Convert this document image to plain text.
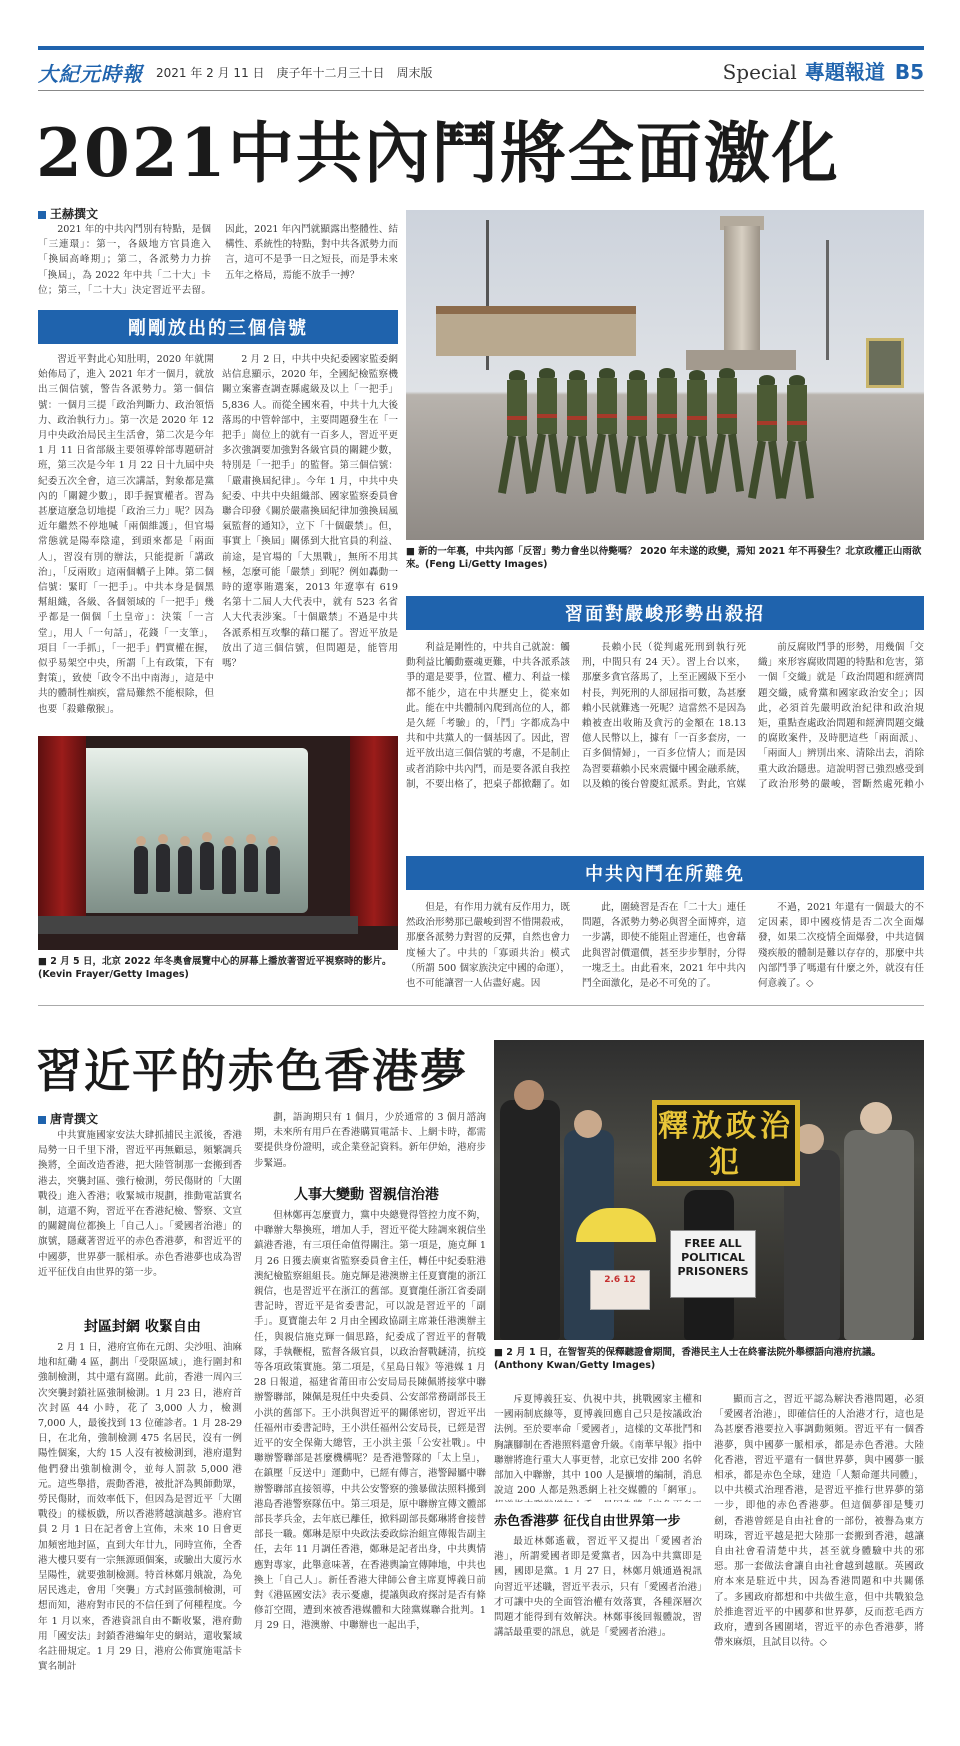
大紀元時報 2021 年 2 月 11 日　庚子年十二月三十日　周末版	Special 專題報道 B5
2021中共內鬥將全面激化
王赫撰文

2021 年的中共內鬥別有特點，是個「三連環」：第一，各級地方官員進入「換屆高峰期」；第二，各派勢力力拚「換屆」，為 2022 年中共「二十大」卡位；第三，「二十大」決定習近平去留。因此，2021 年內鬥就顯露出整體性、結構性、系統性的特點，對中共各派勢力而言，這可不是爭一日之短長，而是爭未來五年之格局，焉能不放手一搏？

剛剛放出的三個信號

習近平對此心知肚明，2020 年就開始佈局了，進入 2021 年才一個月，就放出三個信號，警告各派勢力。第一個信號：一個月三提「政治判斷力、政治領悟力、政治執行力」。第一次是 2020 年 12 月中央政治局民主生活會，第二次是今年 1 月 11 日省部級主要領導幹部專題研討班，第三次是今年 1 月 22 日十九屆中央紀委五次全會，這三次講話，對象都是黨內的「關鍵少數」，即手握實權者。習為甚麼這麼急切地提「政治三力」呢？因為近年繼然不停地喊「兩個維護」，但官場常態就是陽奉陰違，到頭來都是「兩面人」，習沒有別的辦法，只能提新「講政治」，「反兩敗」這兩個轎子上陣。第二個信號：緊盯「一把手」。中共本身是個黑幫組織，各級、各個領域的「一把手」幾乎都是一個個「土皇帝」：決策「一言堂」，用人「一句話」，花錢「一支筆」，項目「一手抓」，「一把手」們實權在握，似乎易架空中央，所謂「上有政策，下有對策」，致使「政令不出中南海」，這是中共的體制性痼疾，當局難然不能根除，但也要「殺雞儆猴」。

2 月 2 日，中共中央紀委國家監委網站信息顯示，2020 年，全國紀檢監察機關立案審查調查縣處級及以上「一把手」5,836 人。而從全國來看，中共十九大後落馬的中管幹部中，主要問題發生在「一把手」崗位上的就有一百多人，習近平更多次強調要加強對各級官員的關鍵少數，特別是「一把手」的監督。第三個信號：「嚴肅換屆紀律」。今年 1 月，中共中央紀委、中共中央組織部、國家監察委員會聯合印發《關於嚴肅換屆紀律加強換屆風氣監督的通知》，立下「十個嚴禁」。但，事實上「換屆」關係到大批官員的利益、前途，是官場的「大黑戰」，無所不用其極，怎麼可能「嚴禁」到呢？例如轟動一時的遼寧賄選案，2013 年遼寧有 619 名第十二屆人大代表中，就有 523 名省人大代表涉案。「十個嚴禁」不過是中共各派系相互攻擊的藉口罷了。習近平放是放出了這三個信號，但問題是，能管用嗎？

■ 新的一年裏，中共內部「反習」勢力會坐以待斃嗎？ 2020 年未遂的政變，焉知 2021 年不再發生？北京政權正山雨欲來。(Feng Li/Getty Images)
習面對嚴峻形勢出殺招

利益是剛性的，中共自己就說：觸動利益比觸動靈魂更難，中共各派系該爭的還是要爭，位置、權力、利益一樣都不能少，這在中共歷史上，從來如此。能在中共體制內爬到高位的人，都是久經「考驗」的，「鬥」字都成為中共和中共黨人的一個基因了。因此，習近平放出這三個信號的考慮，不是制止或者消除中共內鬥，而是要各派自我控制，不要出格了，把桌子都掀翻了。如

長賴小民（從判處死刑到執行死刑，中間只有 24 天）。習上台以來，那麼多貪官落馬了，上至正國級下至小村長，判死刑的人卻屈指可數，為甚麼賴小民就難逃一死呢？這當然不是因為賴被查出收賄及貪污的金額在 18.13 億人民幣以上，據有「一百多套房，一百多個情婦」，一百多位情人；而是因為習要藉賴小民來震懾中國金融系統，以及賴的後台曾慶紅派系。對此，官媒

前反腐敗鬥爭的形勢，用幾個「交織」來形容腐敗問題的特點和危害，第一個「交織」就是「政治問題和經濟問題交織，威脅黨和國家政治安全」；因此，必須首先嚴明政治紀律和政治規矩，重點查處政治問題和經濟問題交織的腐敗案件，及時肥這些「兩面派」、「兩面人」辨別出來、清除出去，消除重大政治隱患。這說明習已強烈感受到了政治形勢的嚴峻，習斷然處死賴小

■ 2 月 5 日，北京 2022 年冬奧會展覽中心的屏幕上播放著習近平視察時的影片。(Kevin Frayer/Getty Images)
中共內鬥在所難免

但是，有作用力就有反作用力，既然政治形勢那已嚴峻到習不惜開殺戒，那麼各派勢力對習的反彈，自然也會力度極大了。中共的「寡頭共治」模式（所謂 500 個家族決定中國的命運），也不可能讓習一人佔盡好處。因

此，圍繞習是否在「二十大」連任問題，各派勢力勢必與習全面博弈，這一步講，即使不能阻止習連任，也會藉此與習討價還價，甚至步步掣肘，分得一塊乏土。由此看來，2021 年中共內鬥全面激化，是必不可免的了。

不過，2021 年還有一個最大的不定因素，即中國疫情是否二次全面爆發，如果二次疫情全面爆發，中共這個殘疾般的體制是難以存存的，那麼中共內部鬥爭了嗎還有什麼之外，就沒有任何意義了。◇

習近平的赤色香港夢
唐青撰文

中共實施國家安法大肆抓捕民主派後，香港局勢一日千里下滑，習近平再無顧忌，頻繁調兵換將，全面改造香港，把大陸管制那一套搬到香港去，突襲封區、強行檢測，勞民傷財的「大圍戰役」進入香港；收緊城市規劃，推動電話實名制，這還不夠，習近平在香港紀檢、警察、文宣的關鍵崗位都換上「自己人」。「愛國者治港」的旗號，隱藏著習近平的赤色香港夢，和習近平的中國夢，世界夢一脈相承。赤色香港夢也成為習近平征伐自由世界的第一步。

封區封網 收緊自由

2 月 1 日，港府宣佈在元朗、尖沙咀、油麻地和紅磡 4 區，劃出「受限區域」，進行圍封和強制檢測，其中還有窩圍。此前，香港一周內三次突襲封鎖社區強制檢測。1 月 23 日，港府首次封區 44 小時，花了 3,000 人力，檢測 7,000 人，最後找到 13 位確診者。1 月 28-29 日，在北角，強制檢測 475 名居民，沒有一例陽性個案，大約 15 人沒有被檢測到，港府還對他們發出強制檢測令，並每人罰款 5,000 港元。這些舉措，震動香港，被批評為興師動眾，勞民傷財，而效率低下，但因為是習近平「大圍戰役」的樣板戲，所以香港將越演越多。港府官員 2 月 1 日在記者會上宣佈，未來 10 日會更加頻密地封區，直到大年廿九，同時宣佈，全香港大樓只要有一宗無源頭個案，或驗出大廈污水呈陽性，就要強制檢測。特首林鄭月娥說，為免居民逃走，會用「突襲」方式封區強制檢測，可想而知，港府對市民的不信任到了何種程度。今年 1 月以來，香港資訊自由不斷收緊，港府動用「國安法」封鎖香港編年史的網站，還收緊域名註冊規定。1 月 29 日，港府公佈實施電話卡實名制計

劃，語詢期只有 1 個月，少於通常的 3 個月諮詢期，未來所有用戶在香港購買電話卡、上網卡時，都需要提供身份證明，或企業登記資料。新年伊始，港府步步緊逼。

人事大變動 習親信治港

但林鄭再怎麼賣力，黨中央總覺得管控力度不夠，中聯辦大舉換班，增加人手，習近平從大陸調來親信坐鎮港香港，有三項任命值得關注。第一項是，施克輝 1 月 26 日獲去廣東省監察委員會主任，轉任中紀委駐港澳紀檢監察組組長。施克輝是港澳辦主任夏寶龍的浙江親信，也是習近平在浙江的舊部。夏寶龍任浙江省委副書記時，習近平是省委書記，可以說是習近平的「副手」。夏寶龍去年 2 月由全國政協副主席兼任港澳辦主任，與親信施克輝一個思路，紀委成了習近平的督戰隊，手執鞭棍，監督各級官員，以政治督戰鏈清，抗疫等各項政策實施。第二項是，《星島日報》等港媒 1 月 28 日報道，福建省莆田市公安局局長陳佩將接掌中聯辦警聯部，陳佩是現任中央委員、公安部常務副部長王小洪的舊部下。王小洪與習近平的關係密切，習近平出任福州市委書記時，王小洪任福州公安局長，已經是習近平的安全保衛大總管，王小洪主張「公安社戰」。中聯辦警聯部是甚麼機構呢？是香港警隊的「太上皇」，在鎮壓「反送中」運動中，已經有傳言，港警歸屬中聯辦警聯部直接領導，中共公安警察的強暴做法照料搬到港島香港警察隊伍中。第三項是，原中聯辦宣傳文體部部長孝兵金，去年底已離任，掀料副部長鄭琳將會接替部長一職。鄭琳是原中央政法委政綜治組宣傳報告副主任，去年 11 月調任香港，鄭琳是記者出身，中共輿情應對專家，此舉意味著，在香港輿論宣傳陣地，中共也換上「自己人」。新任香港大律師公會主席夏博義日前對《港區國安法》表示憂慮，提議與政府探討是否有條修訂空間，遭到來被香港媒體和大陸黨媒聯合批判。1 月 29 日，港澳辦、中聯辦也一起出手，

釋放政治犯
FREE ALL POLITICAL PRISONERS
2.6 12
■ 2 月 1 日，在智智英的保釋聽證會期間，香港民主人士在終審法院外舉標語向港府抗議。(Anthony Kwan/Getty Images)

斥夏博義狂妄、仇視中共，挑戰國家主權和一國兩制底線等，夏博義回應自己只是按議政治法例。至於要率命「愛國者」，這樣的文革批鬥和胸讓腳制在香港照料還會升級。《南華早報》指中聯辦將進行重大人事更替，北京已安排 200 名幹部加入中聯辦，其中 100 人是擴增的編制，消息說這 200 人都是熟悉網上社交媒體的「網軍」。

赤色香港夢 征伐自由世界第一步

最近林鄭遙載，習近平又提出「愛國者治港」，所謂愛國者即是愛黨者，因為中共黨即是國，國即是黨。1 月 27 日，林鄭月娥通過視訊向習近平述職，習近平表示，只有「愛國者治港」才可讓中央的全面管治權有效落實，各種深層次問題才能得到有效解決。林鄭事後回報體說，習講話最重要的訊息，就是「愛國者治港」。

顯而言之，習近平認為解決香港問題，必須「愛國者治港」，即確信任的人治港才行，這也是為甚麼香港要拉入事調動頻頻。習近平有一個香港夢，與中國夢一脈相承，都是赤色香港。大陸化香港，習近平還有一個世界夢，與中國夢一脈相承，都是赤色全球，建造「人類命運共同體」，以中共模式治理香港，是習近平推行世界夢的第一步，即他的赤色香港夢。但這個夢卻是雙刃劍，香港曾經是自由社會的一部份，被譽為東方明珠，習近平越是把大陸那一套搬到香港，越讓自由社會看清楚中共，甚至就身體驗中共的邪惡。那一套做法會讓自由社會越到越厭。英國政府本來是駐近中共，因為香港問題和中共關係了。多國政府都想和中共做生意，但中共戰狼急於推進習近平的中國夢和世界夢，反而惹毛西方政府，遭到各國圍堵，習近平的赤色香港夢，將帶來麻煩，且試目以待。◇
